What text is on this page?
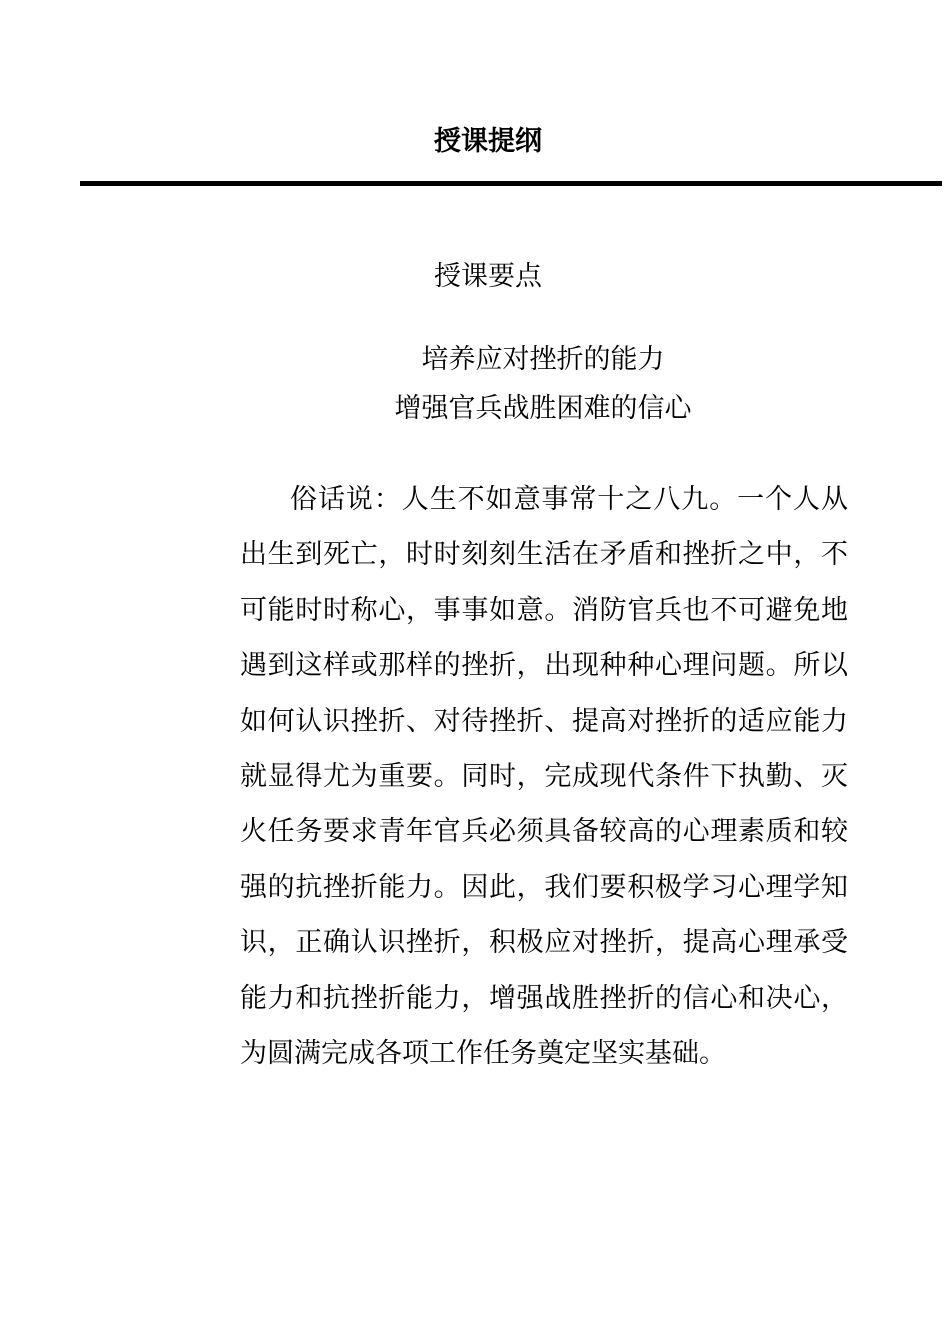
授课提纲
授课要点
培养应对挫折的能力
增强官兵战胜困难的信心

俗话说：人生不如意事常十之八九。一个人从出生到死亡，时时刻刻生活在矛盾和挫折之中，不可能时时称心，事事如意。消防官兵也不可避免地遇到这样或那样的挫折，出现种种心理问题。所以如何认识挫折、对待挫折、提高对挫折的适应能力就显得尤为重要。同时，完成现代条件下执勤、灭火任务要求青年官兵必须具备较高的心理素质和较强的抗挫折能力。因此，我们要积极学习心理学知识，正确认识挫折，积极应对挫折，提高心理承受能力和抗挫折能力，增强战胜挫折的信心和决心，为圆满完成各项工作任务奠定坚实基础。
